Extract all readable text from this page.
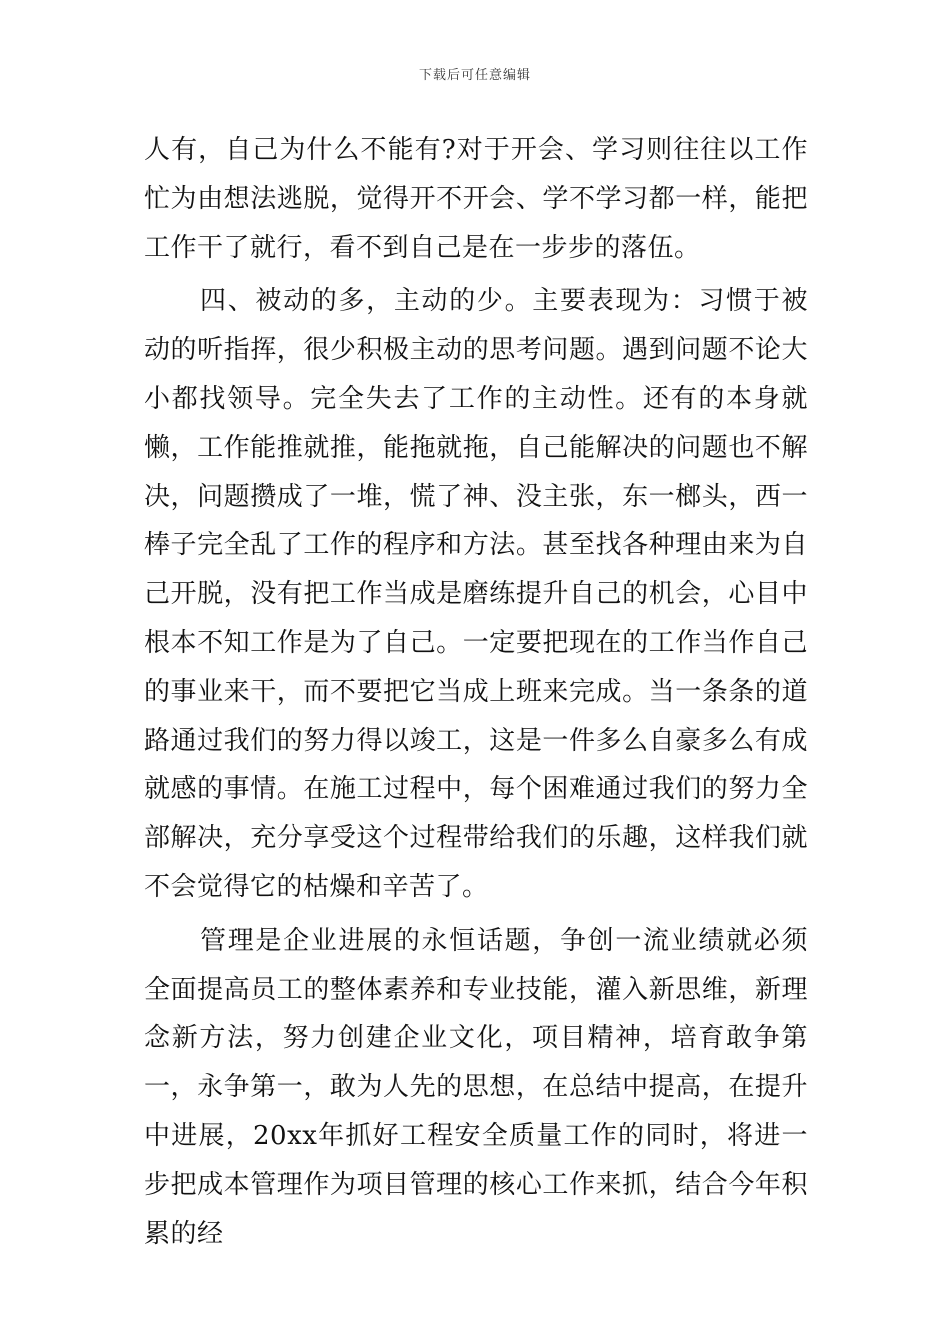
下载后可任意编辑

人有，自己为什么不能有?对于开会、学习则往往以工作忙为由想法逃脱，觉得开不开会、学不学习都一样，能把工作干了就行，看不到自己是在一步步的落伍。

四、被动的多，主动的少。主要表现为：习惯于被动的听指挥，很少积极主动的思考问题。遇到问题不论大小都找领导。完全失去了工作的主动性。还有的本身就懒，工作能推就推，能拖就拖，自己能解决的问题也不解决，问题攒成了一堆，慌了神、没主张，东一榔头，西一棒子完全乱了工作的程序和方法。甚至找各种理由来为自己开脱，没有把工作当成是磨练提升自己的机会，心目中根本不知工作是为了自己。一定要把现在的工作当作自己的事业来干，而不要把它当成上班来完成。当一条条的道路通过我们的努力得以竣工，这是一件多么自豪多么有成就感的事情。在施工过程中，每个困难通过我们的努力全部解决，充分享受这个过程带给我们的乐趣，这样我们就不会觉得它的枯燥和辛苦了。

管理是企业进展的永恒话题，争创一流业绩就必须全面提高员工的整体素养和专业技能，灌入新思维，新理念新方法，努力创建企业文化，项目精神，培育敢争第一，永争第一，敢为人先的思想，在总结中提高，在提升中进展，20xx年抓好工程安全质量工作的同时，将进一步把成本管理作为项目管理的核心工作来抓，结合今年积累的经
